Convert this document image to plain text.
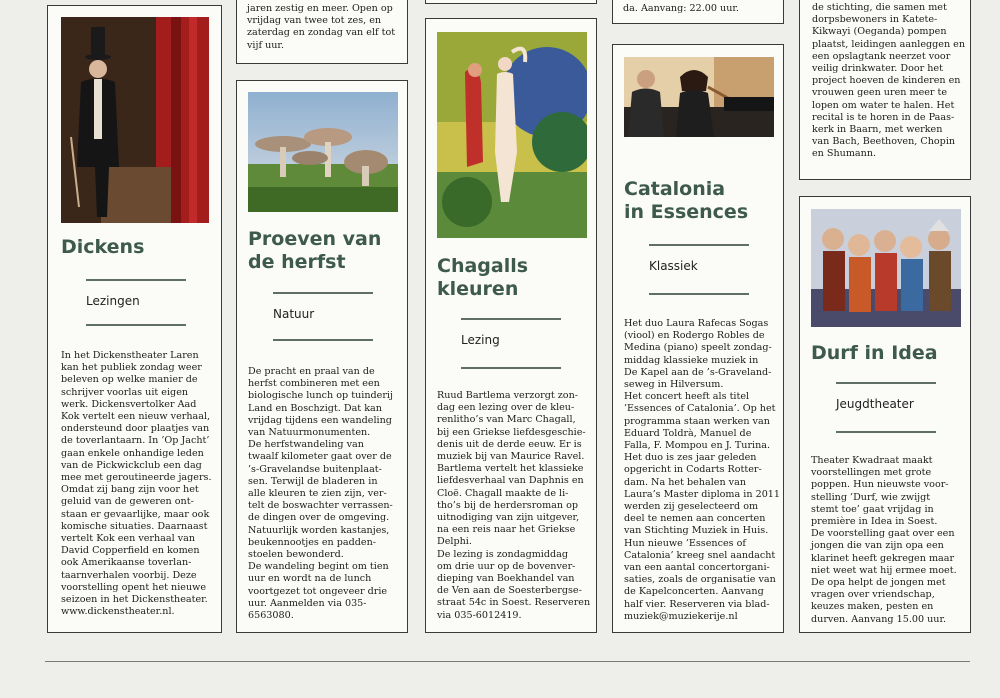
jaren zestig en meer. Open op
vrijdag van twee tot zes, en
zaterdag en zondag van elf tot
vijf uur.

da. Aanvang: 22.00 uur.	de stichting, die samen met
dorpsbewoners in Katete-
Kikwayi (Oeganda) pompen
plaatst, leidingen aanleggen en
een opslagtank neerzet voor
veilig drinkwater. Door het
project hoeven de kinderen en
vrouwen geen uren meer te
lopen om water te halen. Het
recital is te horen in de Paas-
kerk in Baarn, met werken
van Bach, Beethoven, Chopin
en Shumann.

Dickens
Lezingen

In het Dickenstheater Laren
kan het publiek zondag weer
beleven op welke manier de
schrijver voorlas uit eigen
werk. Dickensvertolker Aad
Kok vertelt een nieuw verhaal,
ondersteund door plaatjes van
de toverlantaarn. In ’Op Jacht’
gaan enkele onhandige leden
van de Pickwickclub een dag
mee met geroutineerde jagers.
Omdat zij bang zijn voor het
geluid van de geweren ont-
staan er gevaarlijke, maar ook
komische situaties. Daarnaast
vertelt Kok een verhaal van
David Copperfield en komen
ook Amerikaanse toverlan-
taarnverhalen voorbij. Deze
voorstelling opent het nieuwe
seizoen in het Dickenstheater.
www.dickenstheater.nl.

Proeven van
de herfst
Natuur

De pracht en praal van de
herfst combineren met een
biologische lunch op tuinderij
Land en Boschzigt. Dat kan
vrijdag tijdens een wandeling
van Natuurmonumenten.
De herfstwandeling van
twaalf kilometer gaat over de
’s-Gravelandse buitenplaat-
sen. Terwijl de bladeren in
alle kleuren te zien zijn, ver-
telt de boswachter verrassen-
de dingen over de omgeving.
Natuurlijk worden kastanjes,
beukennootjes en padden-
stoelen bewonderd.
De wandeling begint om tien
uur en wordt na de lunch
voortgezet tot ongeveer drie
uur. Aanmelden via 035-
6563080.

Chagalls
kleuren
Lezing

Ruud Bartlema verzorgt zon-
dag een lezing over de kleu-
renlitho’s van Marc Chagall,
bij een Griekse liefdesgeschie-
denis uit de derde eeuw. Er is
muziek bij van Maurice Ravel.
Bartlema vertelt het klassieke
liefdesverhaal van Daphnis en
Cloë. Chagall maakte de li-
tho’s bij de herdersroman op
uitnodiging van zijn uitgever,
na een reis naar het Griekse
Delphi.
De lezing is zondagmiddag
om drie uur op de bovenver-
dieping van Boekhandel van
de Ven aan de Soesterbergse-
straat 54c in Soest. Reserveren
via 035-6012419.

Catalonia
in Essences
Klassiek

Het duo Laura Rafecas Sogas
(viool) en Rodergo Robles de
Medina (piano) speelt zondag-
middag klassieke muziek in
De Kapel aan de ’s-Graveland-
seweg in Hilversum.
Het concert heeft als titel
’Essences of Catalonia’. Op het
programma staan werken van
Eduard Toldrà, Manuel de
Falla, F. Mompou en J. Turina.
Het duo is zes jaar geleden
opgericht in Codarts Rotter-
dam. Na het behalen van
Laura’s Master diploma in 2011
werden zij geselecteerd om
deel te nemen aan concerten
van Stichting Muziek in Huis.
Hun nieuwe ’Essences of
Catalonia’ kreeg snel aandacht
van een aantal concertorgani-
saties, zoals de organisatie van
de Kapelconcerten. Aanvang
half vier. Reserveren via blad-
muziek@muziekerije.nl

Durf in Idea
Jeugdtheater

Theater Kwadraat maakt
voorstellingen met grote
poppen. Hun nieuwste voor-
stelling ’Durf, wie zwijgt
stemt toe’ gaat vrijdag in
première in Idea in Soest.
De voorstelling gaat over een
jongen die van zijn opa een
klarinet heeft gekregen maar
niet weet wat hij ermee moet.
De opa helpt de jongen met
vragen over vriendschap,
keuzes maken, pesten en
durven. Aanvang 15.00 uur.
